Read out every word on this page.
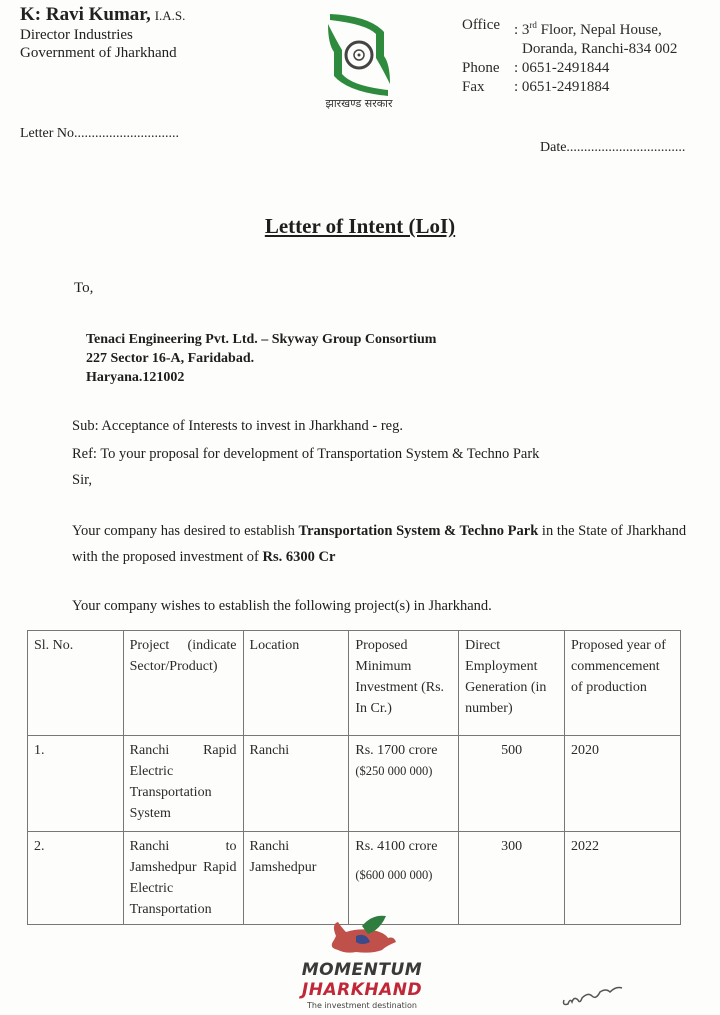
K: Ravi Kumar, I.A.S.
Director Industries
Government of Jharkhand
झारखण्ड सरकार
Office	: 3rd Floor, Nepal House,
	Doranda, Ranchi-834 002
Phone	: 0651-2491844
Fax	: 0651-2491884
Letter No..............................
Date..................................
Letter of Intent (LoI)
To,
Tenaci Engineering Pvt. Ltd. – Skyway Group Consortium
227 Sector 16-A, Faridabad.
Haryana.121002
Sub: Acceptance of Interests to invest in Jharkhand - reg.
Ref: To your proposal for development of Transportation System & Techno Park
Sir,
Your company has desired to establish Transportation System & Techno Park in the State of Jharkhand with the proposed investment of Rs. 6300 Cr
Your company wishes to establish the following project(s) in Jharkhand.
Sl. No.	Project (indicate Sector/Product)	Location	Proposed Minimum Investment (Rs. In Cr.)	Direct Employment Generation (in number)	Proposed year of commencement of production
1.	Ranchi Rapid Electric Transportation System	Ranchi	Rs. 1700 crore
($250 000 000)	500	2020
2.	Ranchi to Jamshedpur Rapid Electric Transportation	Ranchi Jamshedpur	Rs. 4100 crore
($600 000 000)	300	2022
MOMENTUM
JHARKHAND
The investment destination
